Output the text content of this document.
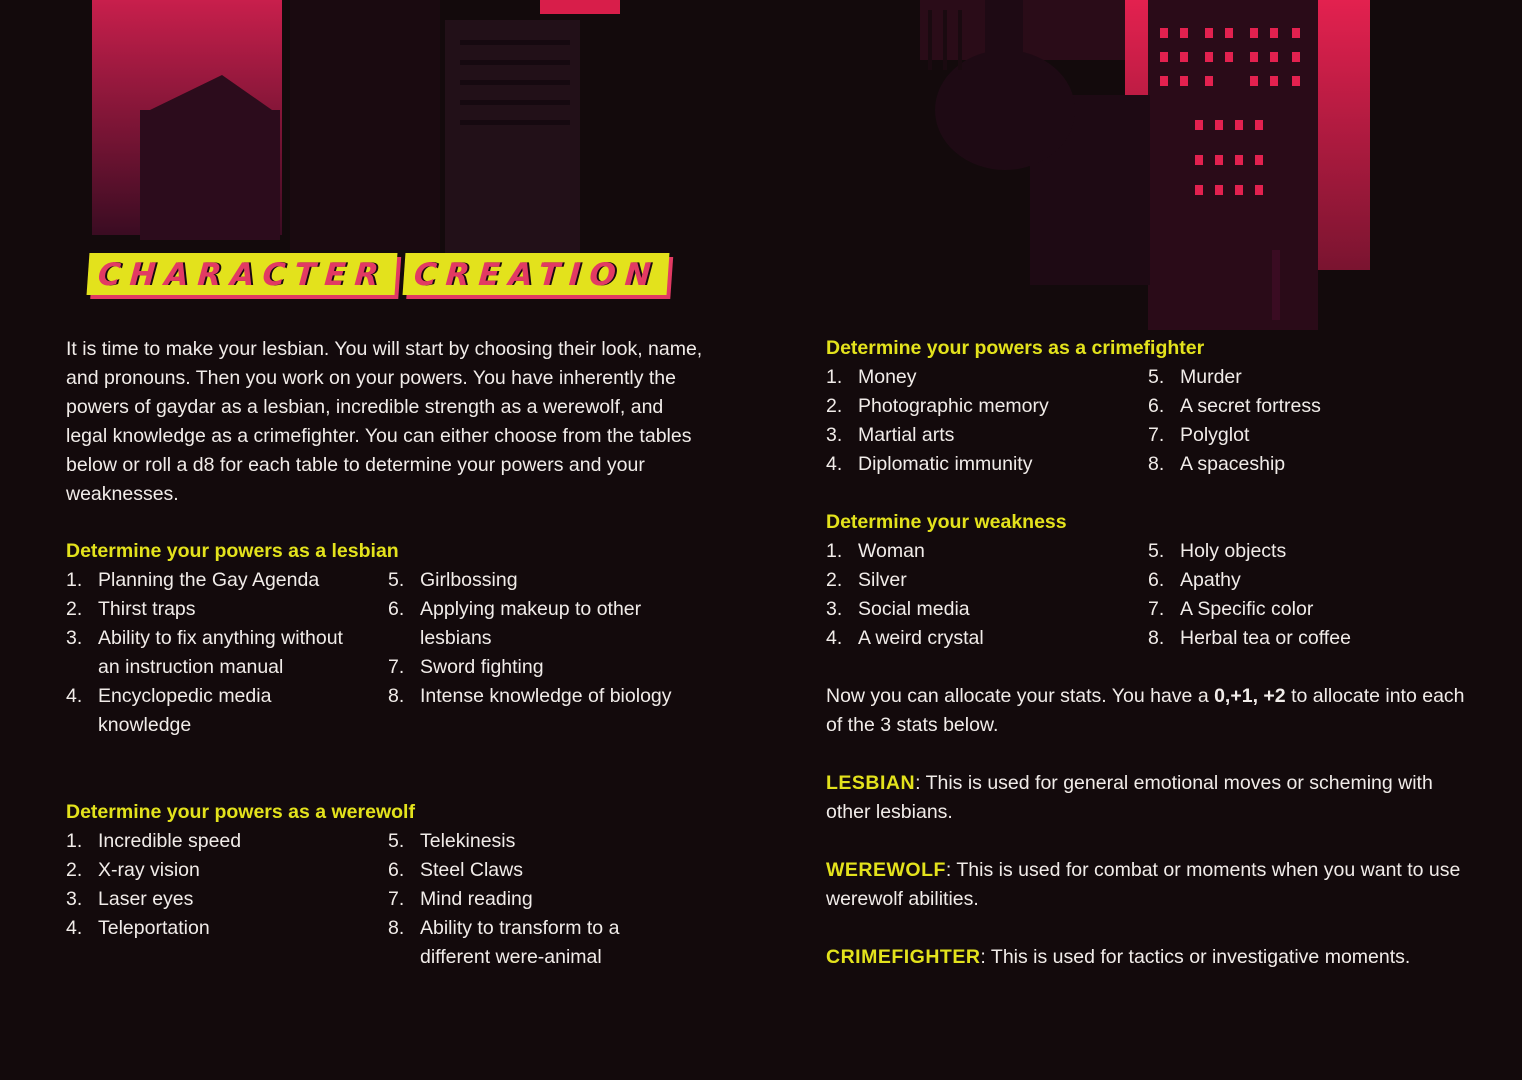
CHARACTER CREATION

It is time to make your lesbian. You will start by choosing their look, name, and pronouns. Then you work on your powers. You have inherently the powers of gaydar as a lesbian, incredible strength as a werewolf, and legal knowledge as a crimefighter. You can either choose from the tables below or roll a d8 for each table to determine your powers and your weaknesses.

Determine your powers as a lesbian

1. Planning the Gay Agenda
2. Thirst traps
3. Ability to fix anything without an instruction manual
4. Encyclopedic media knowledge
5. Girlbossing
6. Applying makeup to other lesbians
7. Sword fighting
8. Intense knowledge of biology

Determine your powers as a werewolf

1. Incredible speed
2. X-ray vision
3. Laser eyes
4. Teleportation
5. Telekinesis
6. Steel Claws
7. Mind reading
8. Ability to transform to a different were-animal

Determine your powers as a crimefighter

1. Money
2. Photographic memory
3. Martial arts
4. Diplomatic immunity
5. Murder
6. A secret fortress
7. Polyglot
8. A spaceship

Determine your weakness

1. Woman
2. Silver
3. Social media
4. A weird crystal
5. Holy objects
6. Apathy
7. A Specific color
8. Herbal tea or coffee

Now you can allocate your stats. You have a 0,+1, +2 to allocate into each of the 3 stats below.

LESBIAN: This is used for general emotional moves or scheming with other lesbians.

WEREWOLF: This is used for combat or moments when you want to use werewolf abilities.

CRIMEFIGHTER: This is used for tactics or investigative moments.
